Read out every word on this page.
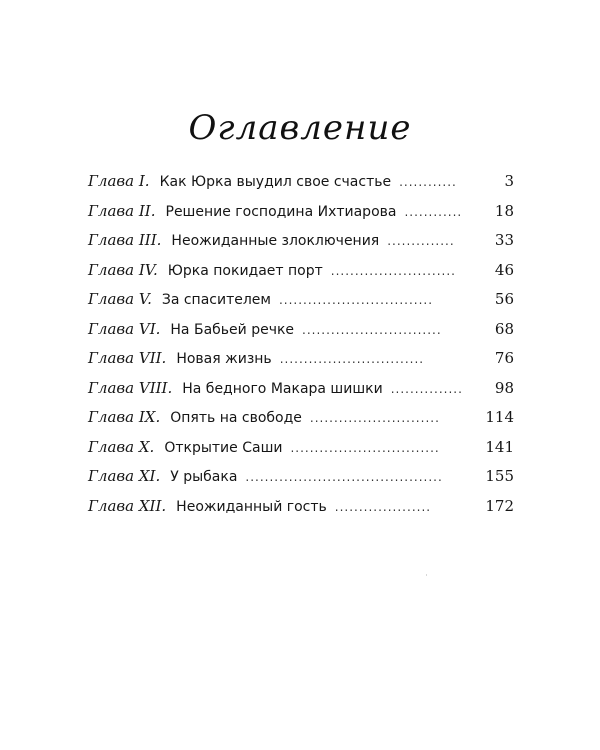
Оглавление
Глава I. Как Юрка выудил свое счастье ............	3
Глава II. Решение господина Ихтиарова ............	18
Глава III. Неожиданные злоключения ..............	33
Глава IV. Юрка покидает порт ..........................	46
Глава V. За спасителем ................................	56
Глава VI. На Бабьей речке .............................	68
Глава VII. Новая жизнь ..............................	76
Глава VIII. На бедного Макара шишки ...............	98
Глава IX. Опять на свободе ...........................	114
Глава X. Открытие Саши ...............................	141
Глава XI. У рыбака .........................................	155
Глава XII. Неожиданный гость ....................	172
